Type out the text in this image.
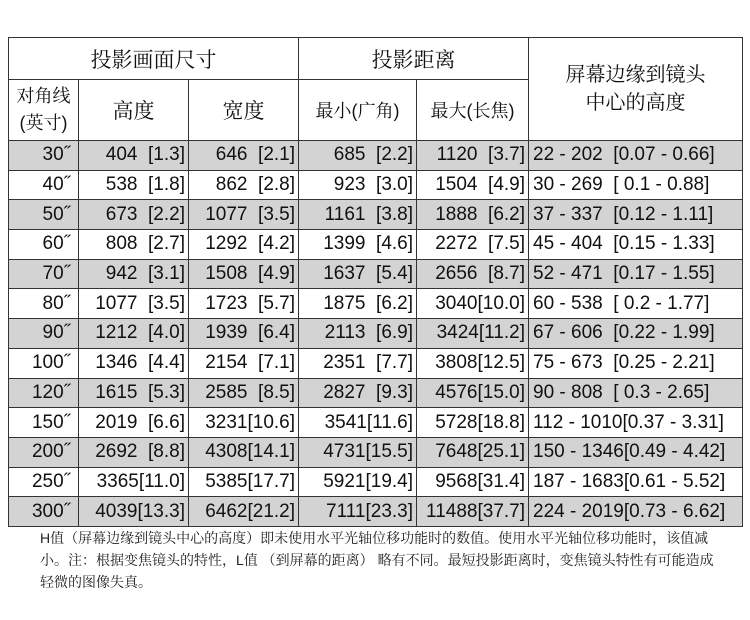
投影画面尺寸			投影距离		屏幕边缘到镜头中心的高度
对角线
(英寸)	高度	宽度	最小(广角)	最大(长焦)	
30˝	404  [1.3]	646  [2.1]	685  [2.2]	1120  [3.7]	22 - 202  [0.07 - 0.66]
40˝	538  [1.8]	862  [2.8]	923  [3.0]	1504  [4.9]	30 - 269  [ 0.1 - 0.88]
50˝	673  [2.2]	1077  [3.5]	1161  [3.8]	1888  [6.2]	37 - 337  [0.12 - 1.11]
60˝	808  [2.7]	1292  [4.2]	1399  [4.6]	2272  [7.5]	45 - 404  [0.15 - 1.33]
70˝	942  [3.1]	1508  [4.9]	1637  [5.4]	2656  [8.7]	52 - 471  [0.17 - 1.55]
80˝	1077  [3.5]	1723  [5.7]	1875  [6.2]	3040[10.0]	60 - 538  [ 0.2 - 1.77]
90˝	1212  [4.0]	1939  [6.4]	2113  [6.9]	3424[11.2]	67 - 606  [0.22 - 1.99]
100˝	1346  [4.4]	2154  [7.1]	2351  [7.7]	3808[12.5]	75 - 673  [0.25 - 2.21]
120˝	1615  [5.3]	2585  [8.5]	2827  [9.3]	4576[15.0]	90 - 808  [ 0.3 - 2.65]
150˝	2019  [6.6]	3231[10.6]	3541[11.6]	5728[18.8]	112 - 1010[0.37 - 3.31]
200˝	2692  [8.8]	4308[14.1]	4731[15.5]	7648[25.1]	150 - 1346[0.49 - 4.42]
250˝	3365[11.0]	5385[17.7]	5921[19.4]	9568[31.4]	187 - 1683[0.61 - 5.52]
300˝	4039[13.3]	6462[21.2]	7111[23.3]	11488[37.7]	224 - 2019[0.73 - 6.62]
H值（屏幕边缘到镜头中心的高度）即未使用水平光轴位移功能时的数值。使用水平光轴位移功能时，该值减小。注：根据变焦镜头的特性，L值 （到屏幕的距离） 略有不同。最短投影距离时，变焦镜头特性有可能造成轻微的图像失真。
